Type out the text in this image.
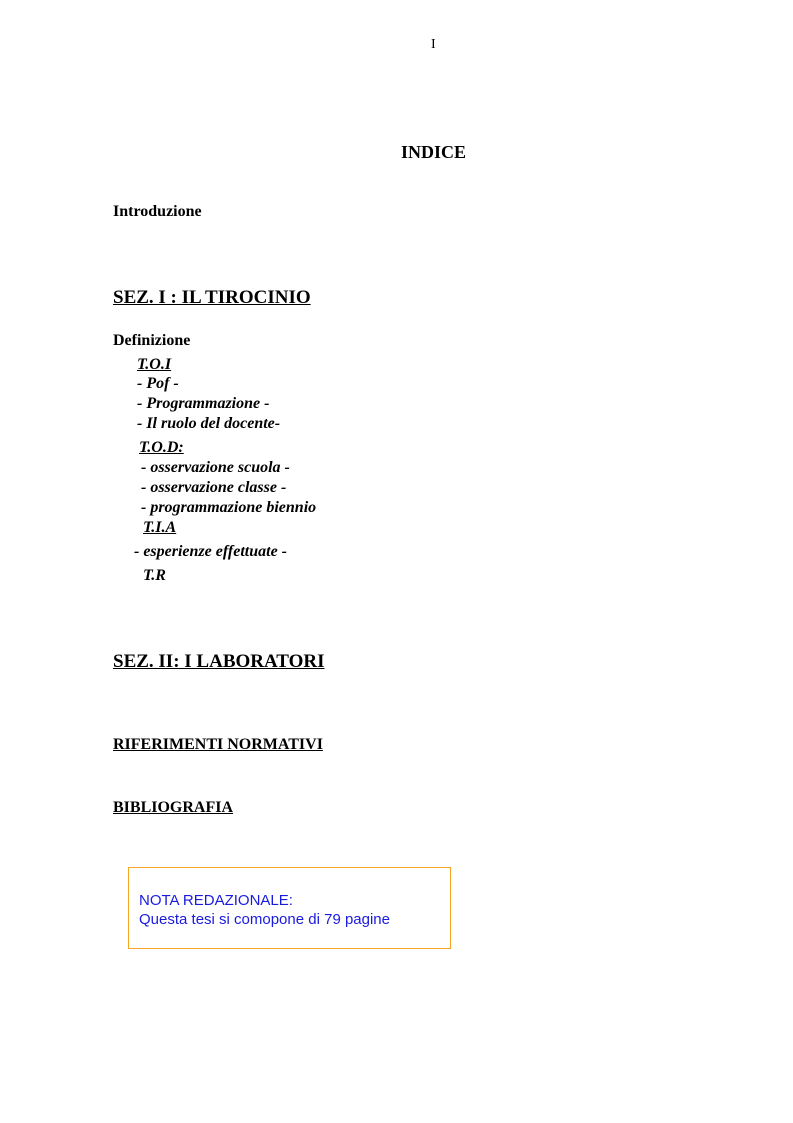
I
INDICE
Introduzione
SEZ. I : IL TIROCINIO
Definizione
T.O.I
- Pof -
- Programmazione -
- Il ruolo del docente-
T.O.D:
- osservazione scuola -
- osservazione classe -
- programmazione biennio
T.I.A
- esperienze effettuate -
T.R
SEZ. II: I LABORATORI
RIFERIMENTI NORMATIVI
BIBLIOGRAFIA
NOTA REDAZIONALE:
Questa tesi si comopone di 79 pagine
